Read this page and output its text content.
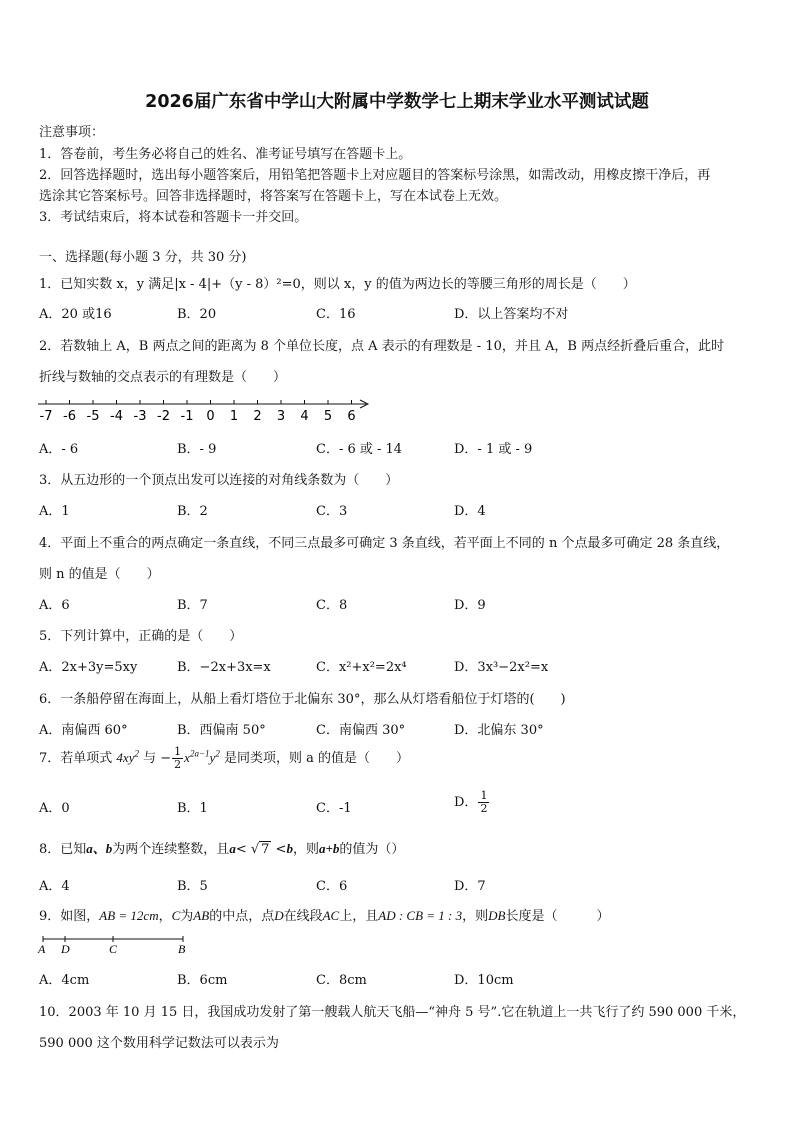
2026届广东省中学山大附属中学数学七上期末学业水平测试试题
注意事项：
1．答卷前，考生务必将自己的姓名、准考证号填写在答题卡上。
2．回答选择题时，选出每小题答案后，用铅笔把答题卡上对应题目的答案标号涂黑，如需改动，用橡皮擦干净后，再
选涂其它答案标号。回答非选择题时，将答案写在答题卡上，写在本试卷上无效。
3．考试结束后，将本试卷和答题卡一并交回。
一、选择题(每小题 3 分，共 30 分)
1．已知实数 x，y 满足|x - 4|+（y - 8）²=0，则以 x，y 的值为两边长的等腰三角形的周长是（　　）
A．20 或16	B．20	C．16	D．以上答案均不对
2．若数轴上 A，B 两点之间的距离为 8 个单位长度，点 A 表示的有理数是 - 10，并且 A，B 两点经折叠后重合，此时
折线与数轴的交点表示的有理数是（　　）
-7 -6 -5 -4 -3 -2 -1 0 1 2 3 4 5 6
A．- 6	B．- 9	C．- 6 或 - 14	D．- 1 或 - 9
3．从五边形的一个顶点出发可以连接的对角线条数为（　　）
A．1	B．2	C．3	D．4
4．平面上不重合的两点确定一条直线，不同三点最多可确定 3 条直线，若平面上不同的 n 个点最多可确定 28 条直线，
则 n 的值是（　　）
A．6	B．7	C．8	D．9
5．下列计算中，正确的是（　　）
A．2x+3y=5xy	B．−2x+3x=x	C．x²+x²=2x⁴	D．3x³−2x²=x
6．一条船停留在海面上，从船上看灯塔位于北偏东 30°，那么从灯塔看船位于灯塔的(　　)
A．南偏西 60°	B．西偏南 50°	C．南偏西 30°	D．北偏东 30°
7．若单项式 $4xy^2$ 与 − $\frac{1}{2} x^{2a-1}y^2$ 是同类项，则 a 的值是（　　）
A．0	B．1	C．-1	D． $\frac{1}{2}$
8．已知a、b为两个连续整数，且a< √ 7 <b，则a+b的值为（）
A．4	B．5	C．6	D．7
9．如图，AB = 12cm，C为AB的中点，点D在线段AC上，且AD : CB = 1 : 3，则DB长度是（　　　）
A D	C	B
A．4cm	B．6cm	C．8cm	D．10cm
10．2003 年 10 月 15 日，我国成功发射了第一艘载人航天飞船—“神舟 5 号”.它在轨道上一共飞行了约 590 000 千米，
590 000 这个数用科学记数法可以表示为
